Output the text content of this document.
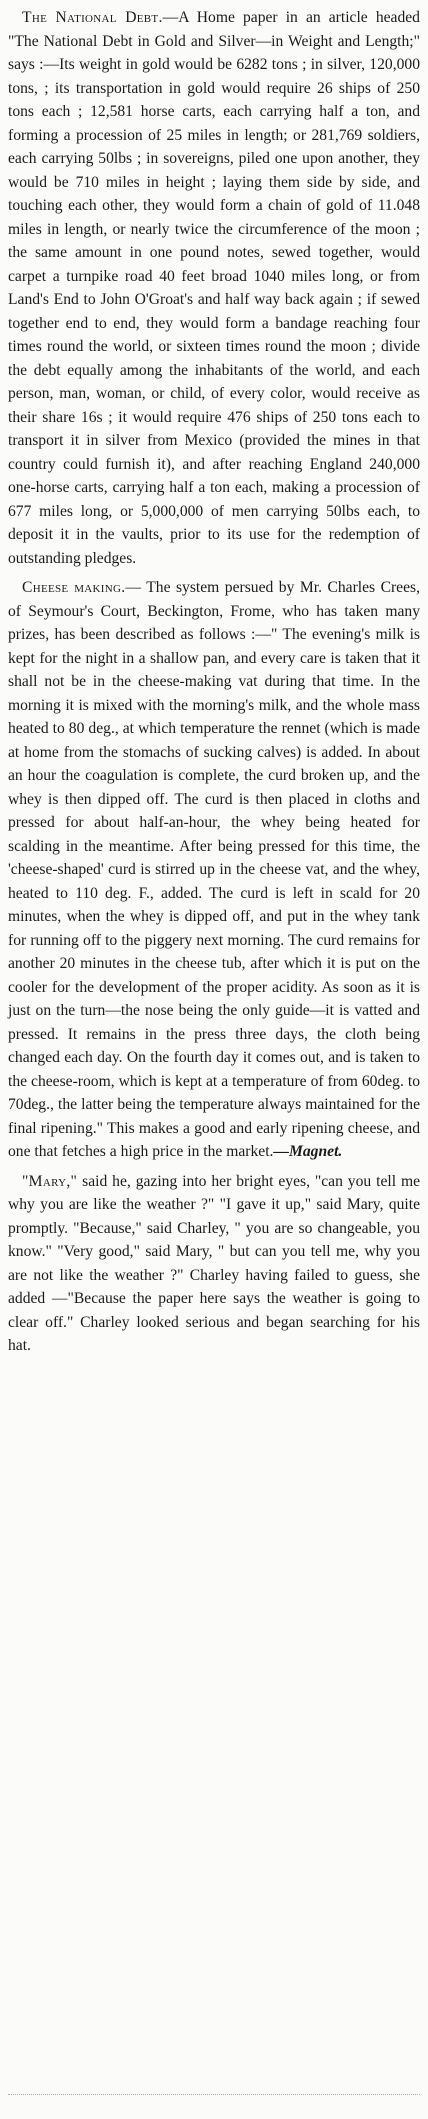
The National Debt.—A Home paper in an article headed "The National Debt in Gold and Silver—in Weight and Length;" says :—Its weight in gold would be 6282 tons ; in silver, 120,000 tons, ; its transportation in gold would require 26 ships of 250 tons each ; 12,581 horse carts, each carrying half a ton, and forming a procession of 25 miles in length; or 281,769 soldiers, each carrying 50lbs ; in sovereigns, piled one upon another, they would be 710 miles in height ; laying them side by side, and touching each other, they would form a chain of gold of 11.048 miles in length, or nearly twice the circumference of the moon ; the same amount in one pound notes, sewed together, would carpet a turnpike road 40 feet broad 1040 miles long, or from Land's End to John O'Groat's and half way back again ; if sewed together end to end, they would form a bandage reaching four times round the world, or sixteen times round the moon ; divide the debt equally among the inhabitants of the world, and each person, man, woman, or child, of every color, would receive as their share 16s ; it would require 476 ships of 250 tons each to transport it in silver from Mexico (provided the mines in that country could furnish it), and after reaching England 240,000 one-horse carts, carrying half a ton each, making a procession of 677 miles long, or 5,000,000 of men carrying 50lbs each, to deposit it in the vaults, prior to its use for the redemption of outstanding pledges.

Cheese making.— The system persued by Mr. Charles Crees, of Seymour's Court, Beckington, Frome, who has taken many prizes, has been described as follows :—" The evening's milk is kept for the night in a shallow pan, and every care is taken that it shall not be in the cheese-making vat during that time. In the morning it is mixed with the morning's milk, and the whole mass heated to 80 deg., at which temperature the rennet (which is made at home from the stomachs of sucking calves) is added. In about an hour the coagulation is complete, the curd broken up, and the whey is then dipped off. The curd is then placed in cloths and pressed for about half-an-hour, the whey being heated for scalding in the meantime. After being pressed for this time, the 'cheese-shaped' curd is stirred up in the cheese vat, and the whey, heated to 110 deg. F., added. The curd is left in scald for 20 minutes, when the whey is dipped off, and put in the whey tank for running off to the piggery next morning. The curd remains for another 20 minutes in the cheese tub, after which it is put on the cooler for the development of the proper acidity. As soon as it is just on the turn—the nose being the only guide—it is vatted and pressed. It remains in the press three days, the cloth being changed each day. On the fourth day it comes out, and is taken to the cheese-room, which is kept at a temperature of from 60deg. to 70deg., the latter being the temperature always maintained for the final ripening." This makes a good and early ripening cheese, and one that fetches a high price in the market.—Magnet.

"Mary," said he, gazing into her bright eyes, "can you tell me why you are like the weather ?" "I gave it up," said Mary, quite promptly. "Because," said Charley, " you are so changeable, you know." "Very good," said Mary, " but can you tell me, why you are not like the weather ?" Charley having failed to guess, she added —"Because the paper here says the weather is going to clear off." Charley looked serious and began searching for his hat.
